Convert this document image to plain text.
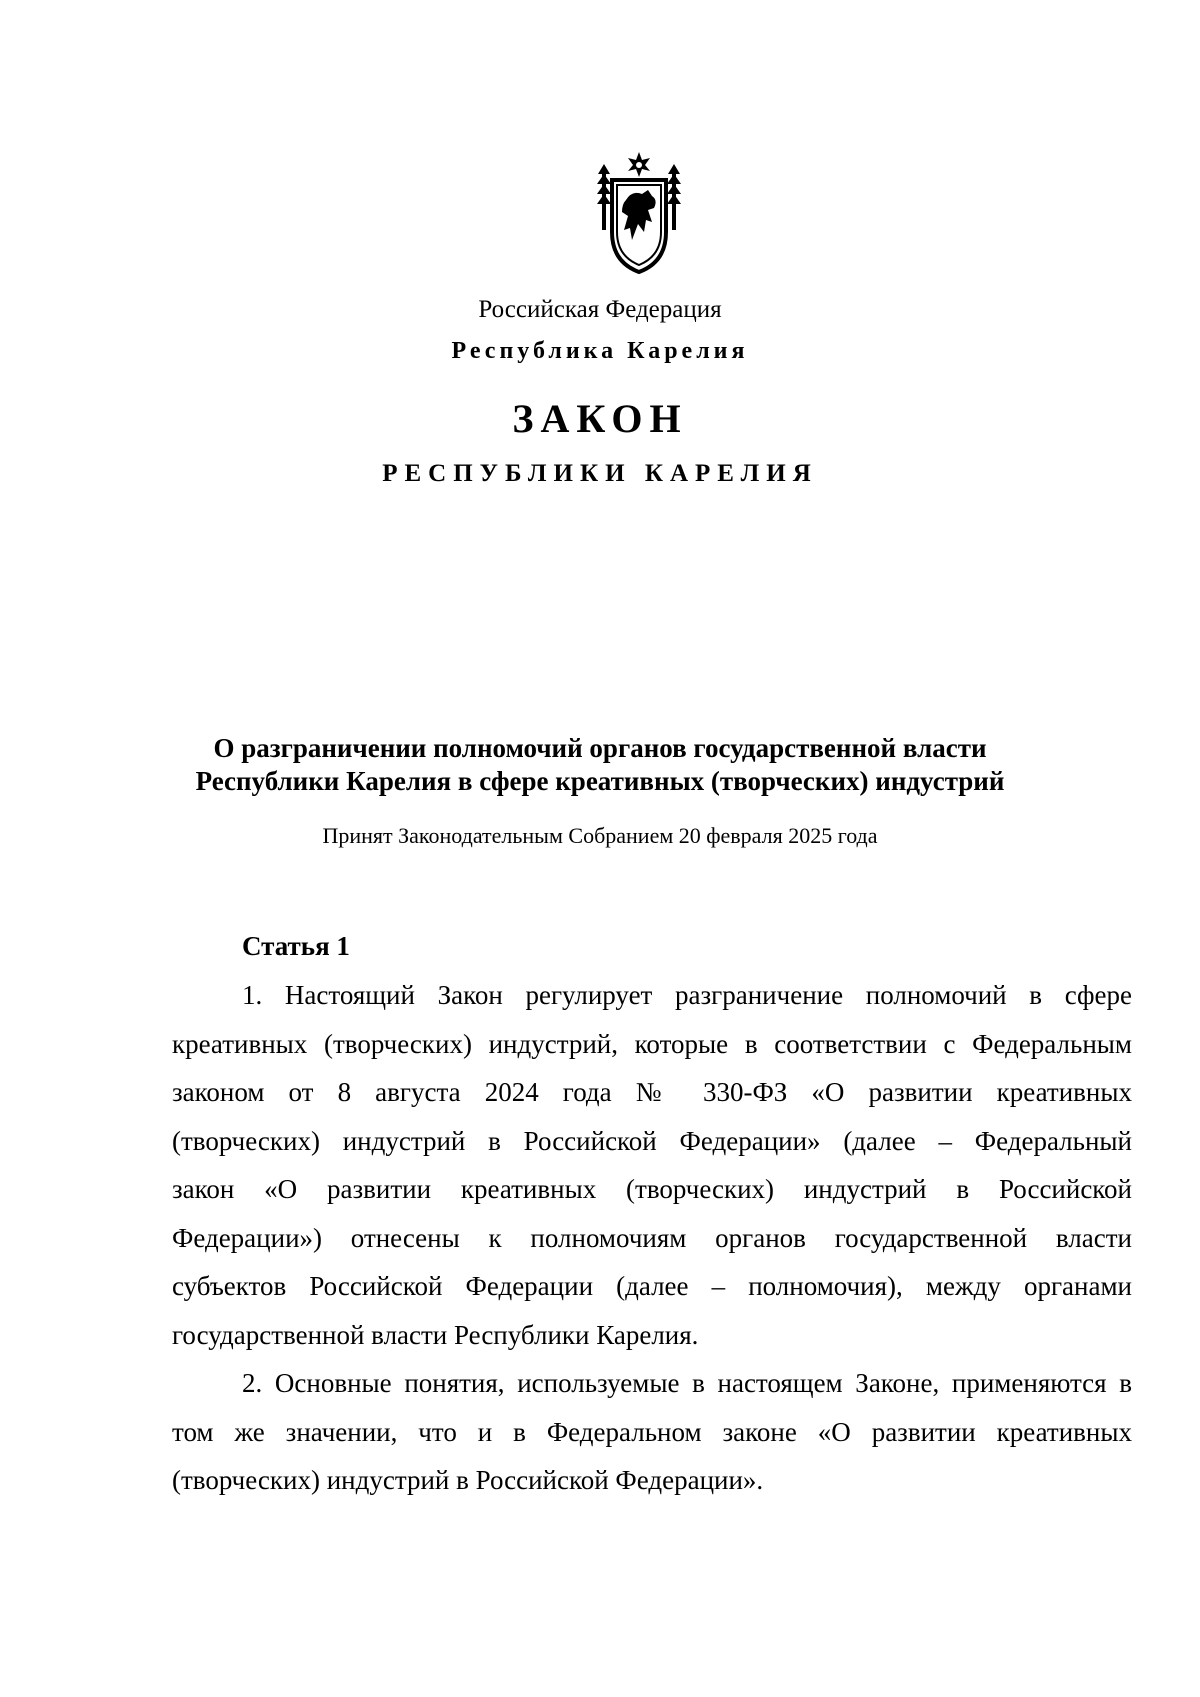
Российская Федерация
Республика Карелия
ЗАКОН
РЕСПУБЛИКИ КАРЕЛИЯ
О разграничении полномочий органов государственной власти
Республики Карелия в сфере креативных (творческих) индустрий
Принят Законодательным Собранием 20 февраля 2025 года
Статья 1
1. Настоящий Закон регулирует разграничение полномочий в сфере
креативных (творческих) индустрий, которые в соответствии с Федеральным
законом от 8 августа 2024 года № 330-ФЗ «О развитии креативных
(творческих) индустрий в Российской Федерации» (далее – Федеральный
закон «О развитии креативных (творческих) индустрий в Российской
Федерации») отнесены к полномочиям органов государственной власти
субъектов Российской Федерации (далее – полномочия), между органами
государственной власти Республики Карелия.
2. Основные понятия, используемые в настоящем Законе, применяются в
том же значении, что и в Федеральном законе «О развитии креативных
(творческих) индустрий в Российской Федерации».
